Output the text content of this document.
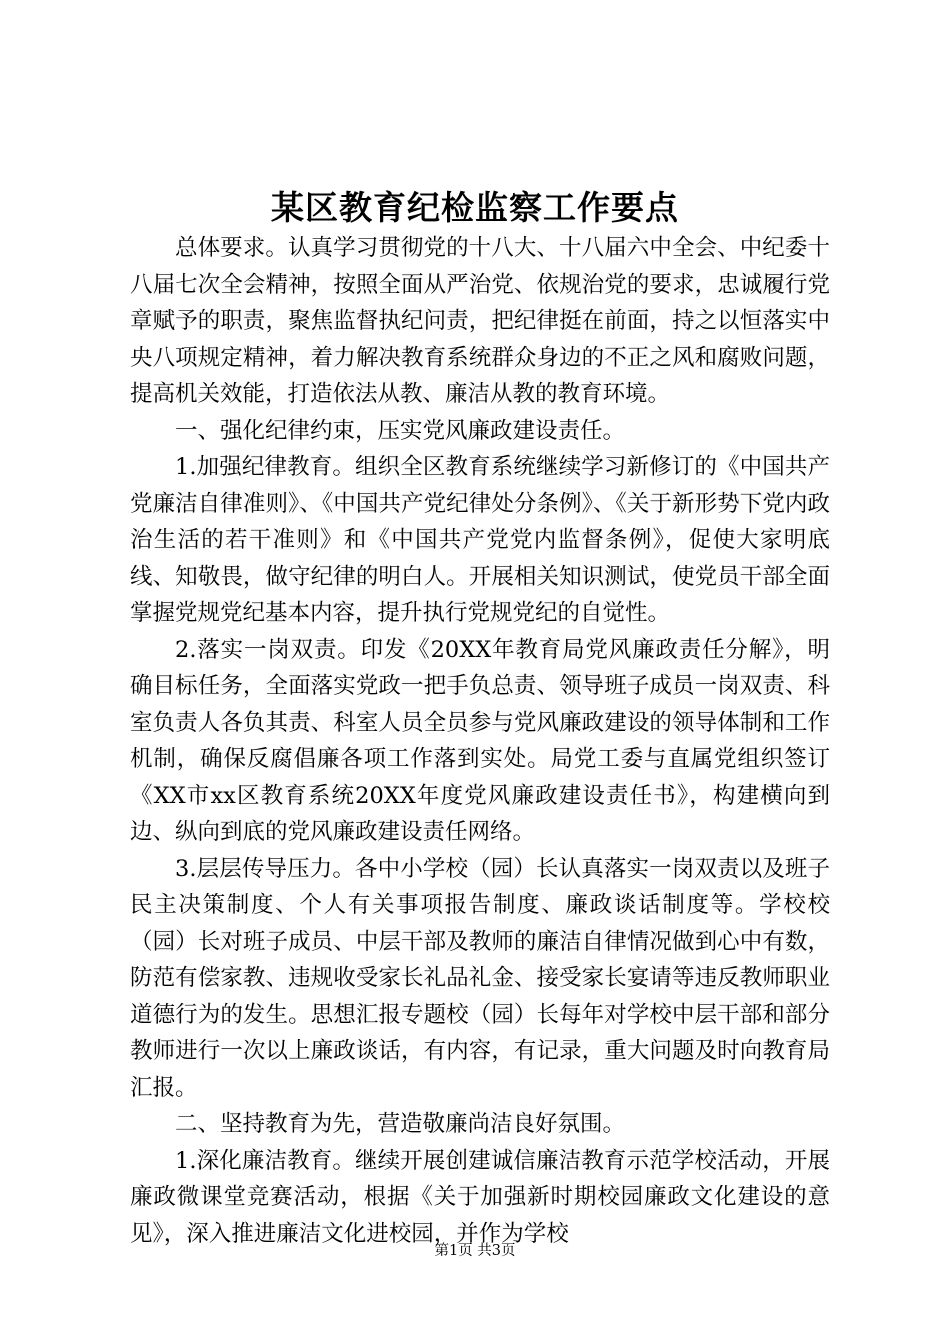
某区教育纪检监察工作要点

总体要求。认真学习贯彻党的十八大、十八届六中全会、中纪委十八届七次全会精神，按照全面从严治党、依规治党的要求，忠诚履行党章赋予的职责，聚焦监督执纪问责，把纪律挺在前面，持之以恒落实中央八项规定精神，着力解决教育系统群众身边的不正之风和腐败问题，提高机关效能，打造依法从教、廉洁从教的教育环境。

一、强化纪律约束，压实党风廉政建设责任。

1.加强纪律教育。组织全区教育系统继续学习新修订的《中国共产党廉洁自律准则》、《中国共产党纪律处分条例》、《关于新形势下党内政治生活的若干准则》和《中国共产党党内监督条例》，促使大家明底线、知敬畏，做守纪律的明白人。开展相关知识测试，使党员干部全面掌握党规党纪基本内容，提升执行党规党纪的自觉性。

2.落实一岗双责。印发《20XX年教育局党风廉政责任分解》，明确目标任务，全面落实党政一把手负总责、领导班子成员一岗双责、科室负责人各负其责、科室人员全员参与党风廉政建设的领导体制和工作机制，确保反腐倡廉各项工作落到实处。局党工委与直属党组织签订《XX市xx区教育系统20XX年度党风廉政建设责任书》，构建横向到边、纵向到底的党风廉政建设责任网络。

3.层层传导压力。各中小学校（园）长认真落实一岗双责以及班子民主决策制度、个人有关事项报告制度、廉政谈话制度等。学校校（园）长对班子成员、中层干部及教师的廉洁自律情况做到心中有数，防范有偿家教、违规收受家长礼品礼金、接受家长宴请等违反教师职业道德行为的发生。思想汇报专题校（园）长每年对学校中层干部和部分教师进行一次以上廉政谈话，有内容，有记录，重大问题及时向教育局汇报。

二、坚持教育为先，营造敬廉尚洁良好氛围。

1.深化廉洁教育。继续开展创建诚信廉洁教育示范学校活动，开展廉政微课堂竞赛活动，根据《关于加强新时期校园廉政文化建设的意见》，深入推进廉洁文化进校园，并作为学校

第1页 共3页
